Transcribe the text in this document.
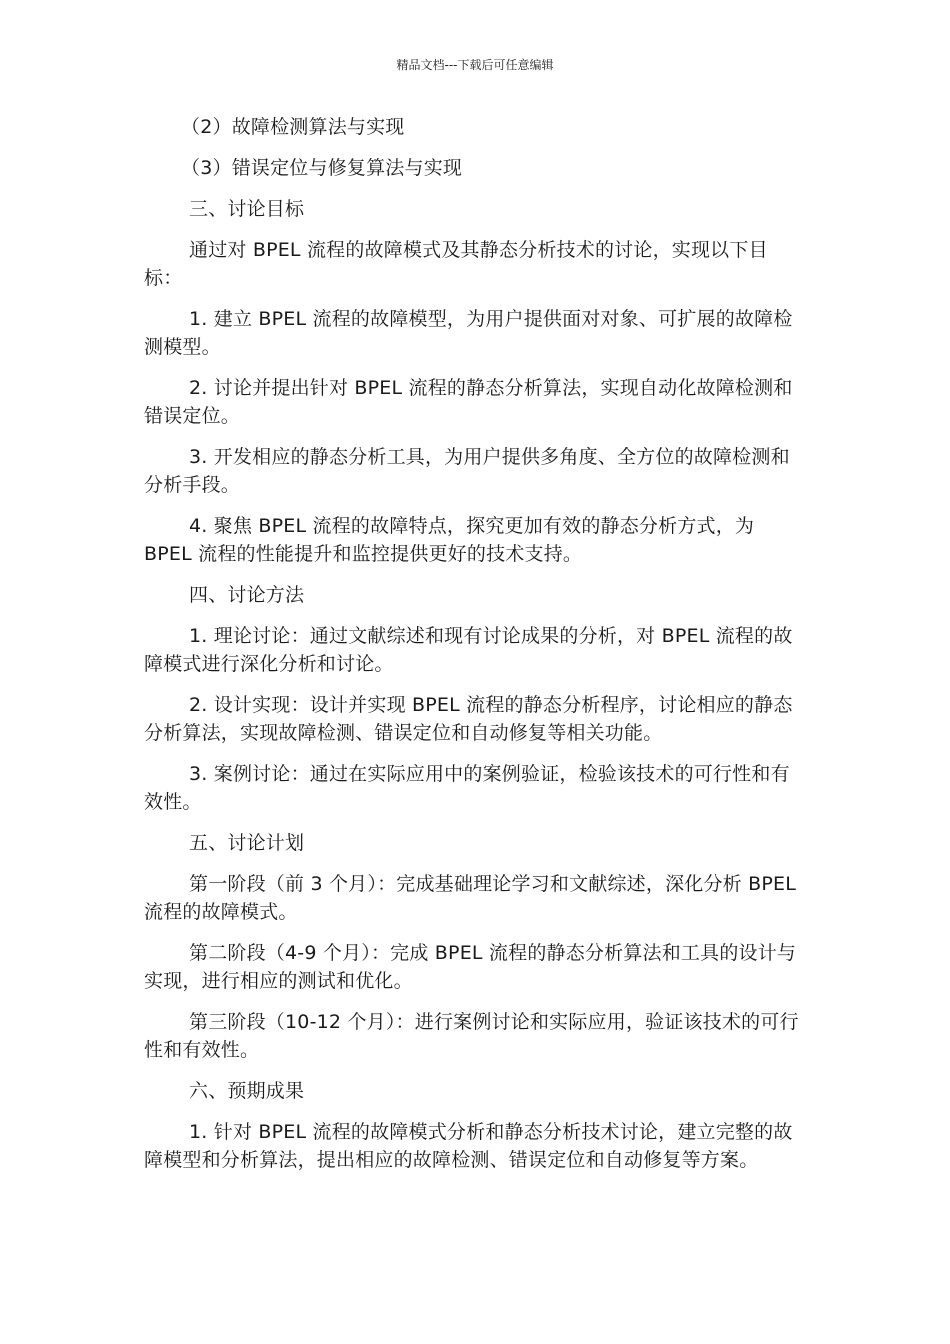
精品文档---下载后可任意编辑

（2）故障检测算法与实现

（3）错误定位与修复算法与实现

三、讨论目标

通过对 BPEL 流程的故障模式及其静态分析技术的讨论，实现以下目标：

1. 建立 BPEL 流程的故障模型，为用户提供面对对象、可扩展的故障检测模型。

2. 讨论并提出针对 BPEL 流程的静态分析算法，实现自动化故障检测和错误定位。

3. 开发相应的静态分析工具，为用户提供多角度、全方位的故障检测和分析手段。

4. 聚焦 BPEL 流程的故障特点，探究更加有效的静态分析方式，为 BPEL 流程的性能提升和监控提供更好的技术支持。

四、讨论方法

1. 理论讨论：通过文献综述和现有讨论成果的分析，对 BPEL 流程的故障模式进行深化分析和讨论。

2. 设计实现：设计并实现 BPEL 流程的静态分析程序，讨论相应的静态分析算法，实现故障检测、错误定位和自动修复等相关功能。

3. 案例讨论：通过在实际应用中的案例验证，检验该技术的可行性和有效性。

五、讨论计划

第一阶段（前 3 个月）：完成基础理论学习和文献综述，深化分析 BPEL 流程的故障模式。

第二阶段（4-9 个月）：完成 BPEL 流程的静态分析算法和工具的设计与实现，进行相应的测试和优化。

第三阶段（10-12 个月）：进行案例讨论和实际应用，验证该技术的可行性和有效性。

六、预期成果

1. 针对 BPEL 流程的故障模式分析和静态分析技术讨论，建立完整的故障模型和分析算法，提出相应的故障检测、错误定位和自动修复等方案。
